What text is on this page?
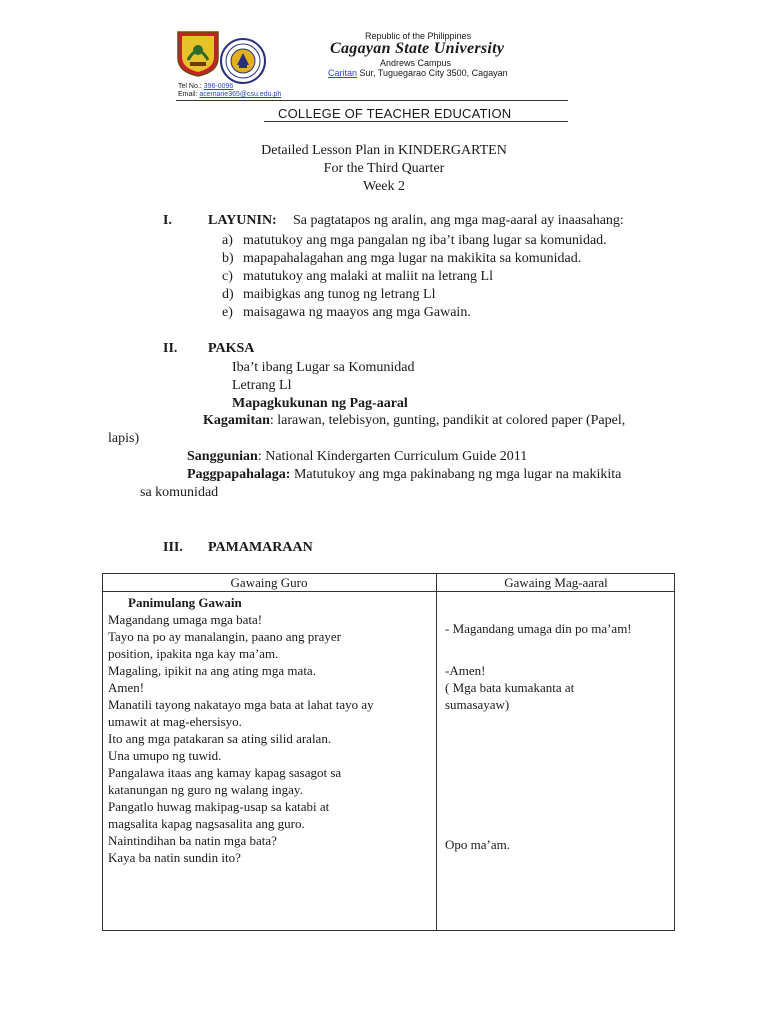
Republic of the Philippines
Cagayan State University
Andrews Campus
Caritan Sur, Tuguegarao City 3500, Cagayan
Tel No.: 396-0096
Email: acemarie365@csu.edu.ph
COLLEGE OF TEACHER EDUCATION
Detailed Lesson Plan in KINDERGARTEN
For the Third Quarter
Week 2
I.	LAYUNIN: Sa pagtatapos ng aralin, ang mga mag-aaral ay inaasahang:
a) matutukoy ang mga pangalan ng iba’t ibang lugar sa komunidad.
b) mapapahalagahan ang mga lugar na makikita sa komunidad.
c) matutukoy ang malaki at maliit na letrang Ll
d) maibigkas ang tunog ng letrang Ll
e) maisagawa ng maayos ang mga Gawain.
II. PAKSA
Iba’t ibang Lugar sa Komunidad
Letrang Ll
Mapagkukunan ng Pag-aaral
Kagamitan: larawan, telebisyon, gunting, pandikit at colored paper (Papel,
lapis)
Sanggunian: National Kindergarten Curriculum Guide 2011
Paggpapahalaga: Matutukoy ang mga pakinabang ng mga lugar na makikita
sa komunidad
III. PAMAMARAAN
Gawaing Guro	Gawaing Mag-aaral
Panimulang Gawain
Magandang umaga mga bata!
Tayo na po ay manalangin, paano ang prayer
position, ipakita nga kay ma’am.
Magaling, ipikit na ang ating mga mata.
Amen!
Manatili tayong nakatayo mga bata at lahat tayo ay
umawit at mag-ehersisyo.
Ito ang mga patakaran sa ating silid aralan.
Una umupo ng tuwid.
Pangalawa itaas ang kamay kapag sasagot sa
katanungan ng guro ng walang ingay.
Pangatlo huwag makipag-usap sa katabi at
magsalita kapag nagsasalita ang guro.
Naintindihan ba natin mga bata?
Kaya ba natin sundin ito?
- Magandang umaga din po ma’am!
-Amen!
( Mga bata kumakanta at
sumasayaw)
Opo ma’am.
